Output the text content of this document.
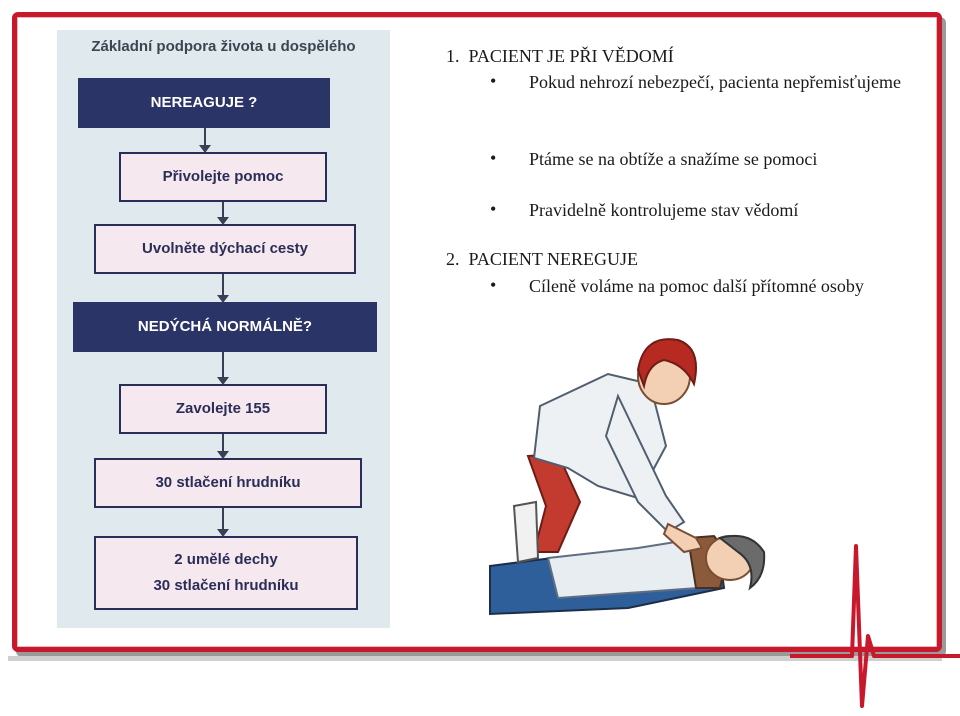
Základní podpora života u dospělého
NEREAGUJE ?
Přivolejte pomoc
Uvolněte dýchací cesty
NEDÝCHÁ NORMÁLNĚ?
Zavolejte 155
30 stlačení hrudníku
2 umělé dechy
30 stlačení hrudníku
1.  PACIENT JE PŘI VĚDOMÍ
• Pokud nehrozí nebezpečí, pacienta nepřemisťujeme
• Ptáme se na obtíže a snažíme se pomoci
• Pravidelně kontrolujeme stav vědomí
2.  PACIENT NEREGUJE
• Cíleně voláme na pomoc další přítomné osoby
